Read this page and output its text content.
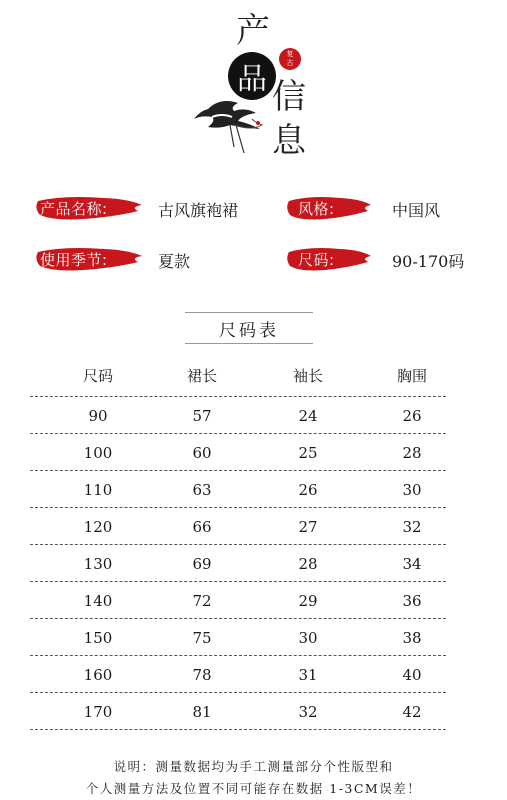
产
品
复
古
信
息
产品名称:	古风旗袍裙	风格:	中国风
使用季节:	夏款	尺码:	90-170码
尺码表
尺码	裙长	袖长	胸围
90	57	24	26
100	60	25	28
110	63	26	30
120	66	27	32
130	69	28	34
140	72	29	36
150	75	30	38
160	78	31	40
170	81	32	42
说明：测量数据均为手工测量部分个性版型和
个人测量方法及位置不同可能存在数据 1-3CM误差！
